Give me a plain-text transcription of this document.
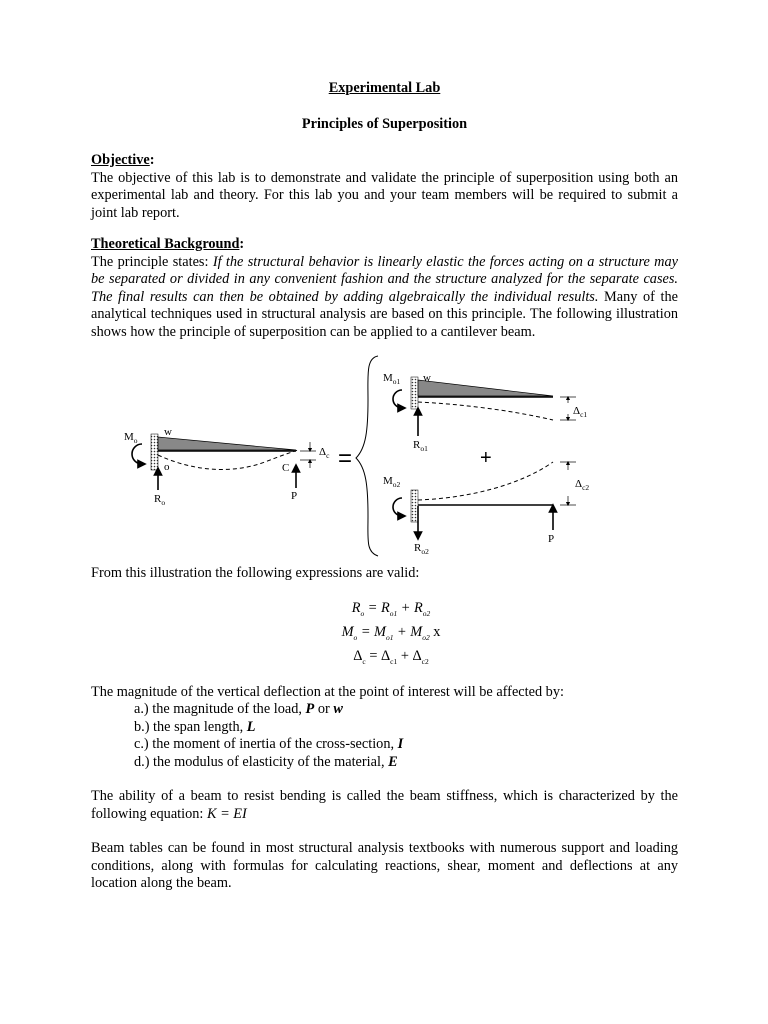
Experimental Lab
Principles of Superposition
Objective:
The objective of this lab is to demonstrate and validate the principle of superposition using both an experimental lab and theory. For this lab you and your team members will be required to submit a joint lab report.
Theoretical Background:
The principle states: If the structural behavior is linearly elastic the forces acting on a structure may be separated or divided in any convenient fashion and the structure analyzed for the separate cases. The final results can then be obtained by adding algebraically the individual results. Many of the analytical techniques used in structural analysis are based on this principle. The following illustration shows how the principle of superposition can be applied to a cantilever beam.
From this illustration the following expressions are valid:
$R_o = R_{o1} + R_{o2}$
$M_o = M_{o1} + M_{o2}$ x
$\Delta_c = \Delta_{c1} + \Delta_{c2}$
The magnitude of the vertical deflection at the point of interest will be affected by:
a.) the magnitude of the load, P or w
b.) the span length, L
c.) the moment of inertia of the cross-section, I
d.) the modulus of elasticity of the material, E
The ability of a beam to resist bending is called the beam stiffness, which is characterized by the following equation: K = EI
Beam tables can be found in most structural analysis textbooks with numerous support and loading conditions, along with formulas for calculating reactions, shear, moment and deflections at any location along the beam.
$M_o$
w
o
$R_o$
C
P
$\Delta_c$ =	+
$M_{o1}$ w
$R_{o1}$
$\Delta_{c1}$
$M_{o2}$
$R_{o2}$
P
$\Delta_{c2}$
